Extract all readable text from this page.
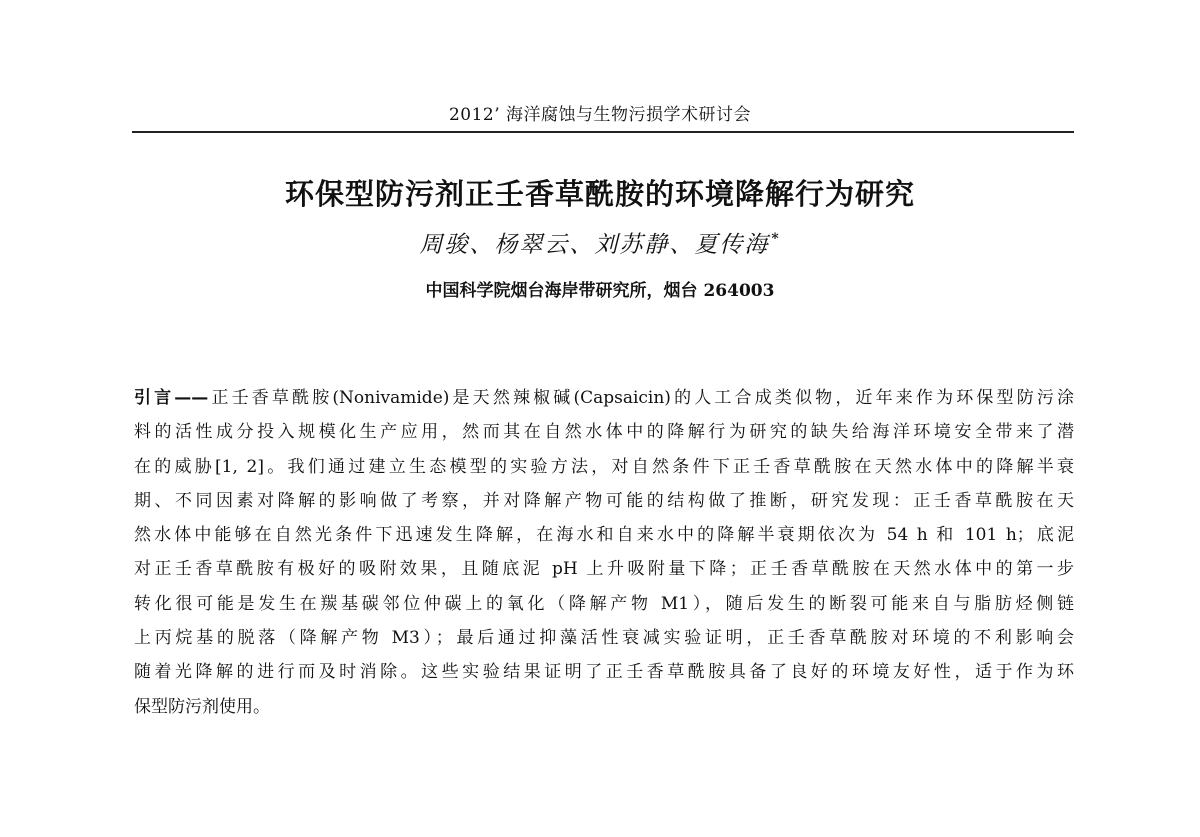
2012’ 海洋腐蚀与生物污损学术研讨会
环保型防污剂正壬香草酰胺的环境降解行为研究
周骏、杨翠云、刘苏静、夏传海 *
中国科学院烟台海岸带研究所，烟台 264003
引言——正壬香草酰胺(Nonivamide)是天然辣椒碱(Capsaicin)的人工合成类似物，近年来作为环保型防污涂
料的活性成分投入规模化生产应用，然而其在自然水体中的降解行为研究的缺失给海洋环境安全带来了潜
在的威胁[1, 2]。我们通过建立生态模型的实验方法，对自然条件下正壬香草酰胺在天然水体中的降解半衰
期、不同因素对降解的影响做了考察，并对降解产物可能的结构做了推断，研究发现：正壬香草酰胺在天
然水体中能够在自然光条件下迅速发生降解，在海水和自来水中的降解半衰期依次为 54 h 和 101 h；底泥
对正壬香草酰胺有极好的吸附效果，且随底泥 pH 上升吸附量下降；正壬香草酰胺在天然水体中的第一步
转化很可能是发生在羰基碳邻位仲碳上的氧化（降解产物 M1），随后发生的断裂可能来自与脂肪烃侧链
上丙烷基的脱落（降解产物 M3）；最后通过抑藻活性衰减实验证明，正壬香草酰胺对环境的不利影响会
随着光降解的进行而及时消除。这些实验结果证明了正壬香草酰胺具备了良好的环境友好性，适于作为环
保型防污剂使用。
